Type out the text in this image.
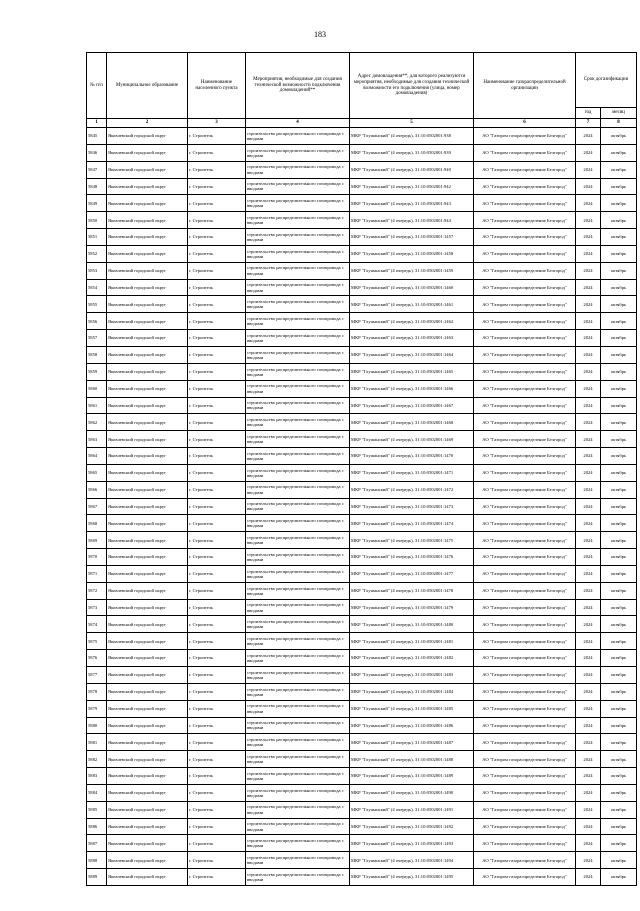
183
№ п/п	Муниципальное образование	Наименование населенного пункта	Мероприятия, необходимые для создания технической возможности подключения домовладений**	Адрес домовладения**, для которого реализуются мероприятия, необходимые для создания технической возможности его подключения (улица, номер домовладения)	Наименование газораспределительной организации	Срок догазификации	
						год	месяц
1	2	3	4	5	6	7	8
5845	Яковлевский городской округ	г. Строитель	строительство распределительного газопровода с вводами	МКР "Глушанский" (4 очередь), 31:10:0502001:938	АО "Газпром газораспределение Белгород"	2024	октябрь
5846	Яковлевский городской округ	г. Строитель	строительство распределительного газопровода с вводами	МКР "Глушанский" (4 очередь), 31:10:0502001:939	АО "Газпром газораспределение Белгород"	2024	октябрь
5847	Яковлевский городской округ	г. Строитель	строительство распределительного газопровода с вводами	МКР "Глушанский" (4 очередь), 31:10:0502001:940	АО "Газпром газораспределение Белгород"	2024	октябрь
5848	Яковлевский городской округ	г. Строитель	строительство распределительного газопровода с вводами	МКР "Глушанский" (4 очередь), 31:10:0502001:942	АО "Газпром газораспределение Белгород"	2024	октябрь
5849	Яковлевский городской округ	г. Строитель	строительство распределительного газопровода с вводами	МКР "Глушанский" (4 очередь), 31:10:0502001:943	АО "Газпром газораспределение Белгород"	2024	октябрь
5850	Яковлевский городской округ	г. Строитель	строительство распределительного газопровода с вводами	МКР "Глушанский" (4 очередь), 31:10:0502001:944	АО "Газпром газораспределение Белгород"	2024	октябрь
5851	Яковлевский городской округ	г. Строитель	строительство распределительного газопровода с вводами	МКР "Глушанский" (4 очередь), 31:10:0502001:1457	АО "Газпром газораспределение Белгород"	2024	октябрь
5852	Яковлевский городской округ	г. Строитель	строительство распределительного газопровода с вводами	МКР "Глушанский" (4 очередь), 31:10:0502001:1458	АО "Газпром газораспределение Белгород"	2024	октябрь
5853	Яковлевский городской округ	г. Строитель	строительство распределительного газопровода с вводами	МКР "Глушанский" (4 очередь), 31:10:0502001:1459	АО "Газпром газораспределение Белгород"	2024	октябрь
5854	Яковлевский городской округ	г. Строитель	строительство распределительного газопровода с вводами	МКР "Глушанский" (4 очередь), 31:10:0502001:1460	АО "Газпром газораспределение Белгород"	2024	октябрь
5855	Яковлевский городской округ	г. Строитель	строительство распределительного газопровода с вводами	МКР "Глушанский" (4 очередь), 31:10:0502001:1461	АО "Газпром газораспределение Белгород"	2024	октябрь
5856	Яковлевский городской округ	г. Строитель	строительство распределительного газопровода с вводами	МКР "Глушанский" (4 очередь), 31:10:0502001:1462	АО "Газпром газораспределение Белгород"	2024	октябрь
5857	Яковлевский городской округ	г. Строитель	строительство распределительного газопровода с вводами	МКР "Глушанский" (4 очередь), 31:10:0502001:1463	АО "Газпром газораспределение Белгород"	2024	октябрь
5858	Яковлевский городской округ	г. Строитель	строительство распределительного газопровода с вводами	МКР "Глушанский" (4 очередь), 31:10:0502001:1464	АО "Газпром газораспределение Белгород"	2024	октябрь
5859	Яковлевский городской округ	г. Строитель	строительство распределительного газопровода с вводами	МКР "Глушанский" (4 очередь), 31:10:0502001:1465	АО "Газпром газораспределение Белгород"	2024	октябрь
5860	Яковлевский городской округ	г. Строитель	строительство распределительного газопровода с вводами	МКР "Глушанский" (4 очередь), 31:10:0502001:1466	АО "Газпром газораспределение Белгород"	2024	октябрь
5861	Яковлевский городской округ	г. Строитель	строительство распределительного газопровода с вводами	МКР "Глушанский" (4 очередь), 31:10:0502001:1467	АО "Газпром газораспределение Белгород"	2024	октябрь
5862	Яковлевский городской округ	г. Строитель	строительство распределительного газопровода с вводами	МКР "Глушанский" (4 очередь), 31:10:0502001:1468	АО "Газпром газораспределение Белгород"	2024	октябрь
5863	Яковлевский городской округ	г. Строитель	строительство распределительного газопровода с вводами	МКР "Глушанский" (4 очередь), 31:10:0502001:1469	АО "Газпром газораспределение Белгород"	2024	октябрь
5864	Яковлевский городской округ	г. Строитель	строительство распределительного газопровода с вводами	МКР "Глушанский" (4 очередь), 31:10:0502001:1470	АО "Газпром газораспределение Белгород"	2024	октябрь
5865	Яковлевский городской округ	г. Строитель	строительство распределительного газопровода с вводами	МКР "Глушанский" (4 очередь), 31:10:0502001:1471	АО "Газпром газораспределение Белгород"	2024	октябрь
5866	Яковлевский городской округ	г. Строитель	строительство распределительного газопровода с вводами	МКР "Глушанский" (4 очередь), 31:10:0502001:1472	АО "Газпром газораспределение Белгород"	2024	октябрь
5867	Яковлевский городской округ	г. Строитель	строительство распределительного газопровода с вводами	МКР "Глушанский" (4 очередь), 31:10:0502001:1473	АО "Газпром газораспределение Белгород"	2024	октябрь
5868	Яковлевский городской округ	г. Строитель	строительство распределительного газопровода с вводами	МКР "Глушанский" (4 очередь), 31:10:0502001:1474	АО "Газпром газораспределение Белгород"	2024	октябрь
5869	Яковлевский городской округ	г. Строитель	строительство распределительного газопровода с вводами	МКР "Глушанский" (4 очередь), 31:10:0502001:1475	АО "Газпром газораспределение Белгород"	2024	октябрь
5870	Яковлевский городской округ	г. Строитель	строительство распределительного газопровода с вводами	МКР "Глушанский" (4 очередь), 31:10:0502001:1476	АО "Газпром газораспределение Белгород"	2024	октябрь
5871	Яковлевский городской округ	г. Строитель	строительство распределительного газопровода с вводами	МКР "Глушанский" (4 очередь), 31:10:0502001:1477	АО "Газпром газораспределение Белгород"	2024	октябрь
5872	Яковлевский городской округ	г. Строитель	строительство распределительного газопровода с вводами	МКР "Глушанский" (4 очередь), 31:10:0502001:1478	АО "Газпром газораспределение Белгород"	2024	октябрь
5873	Яковлевский городской округ	г. Строитель	строительство распределительного газопровода с вводами	МКР "Глушанский" (4 очередь), 31:10:0502001:1479	АО "Газпром газораспределение Белгород"	2024	октябрь
5874	Яковлевский городской округ	г. Строитель	строительство распределительного газопровода с вводами	МКР "Глушанский" (4 очередь), 31:10:0502001:1480	АО "Газпром газораспределение Белгород"	2024	октябрь
5875	Яковлевский городской округ	г. Строитель	строительство распределительного газопровода с вводами	МКР "Глушанский" (4 очередь), 31:10:0502001:1481	АО "Газпром газораспределение Белгород"	2024	октябрь
5876	Яковлевский городской округ	г. Строитель	строительство распределительного газопровода с вводами	МКР "Глушанский" (4 очередь), 31:10:0502001:1482	АО "Газпром газораспределение Белгород"	2024	октябрь
5877	Яковлевский городской округ	г. Строитель	строительство распределительного газопровода с вводами	МКР "Глушанский" (4 очередь), 31:10:0502001:1483	АО "Газпром газораспределение Белгород"	2024	октябрь
5878	Яковлевский городской округ	г. Строитель	строительство распределительного газопровода с вводами	МКР "Глушанский" (4 очередь), 31:10:0502001:1484	АО "Газпром газораспределение Белгород"	2024	октябрь
5879	Яковлевский городской округ	г. Строитель	строительство распределительного газопровода с вводами	МКР "Глушанский" (4 очередь), 31:10:0502001:1485	АО "Газпром газораспределение Белгород"	2024	октябрь
5880	Яковлевский городской округ	г. Строитель	строительство распределительного газопровода с вводами	МКР "Глушанский" (4 очередь), 31:10:0502001:1486	АО "Газпром газораспределение Белгород"	2024	октябрь
5881	Яковлевский городской округ	г. Строитель	строительство распределительного газопровода с вводами	МКР "Глушанский" (4 очередь), 31:10:0502001:1487	АО "Газпром газораспределение Белгород"	2024	октябрь
5882	Яковлевский городской округ	г. Строитель	строительство распределительного газопровода с вводами	МКР "Глушанский" (4 очередь), 31:10:0502001:1488	АО "Газпром газораспределение Белгород"	2024	октябрь
5883	Яковлевский городской округ	г. Строитель	строительство распределительного газопровода с вводами	МКР "Глушанский" (4 очередь), 31:10:0502001:1489	АО "Газпром газораспределение Белгород"	2024	октябрь
5884	Яковлевский городской округ	г. Строитель	строительство распределительного газопровода с вводами	МКР "Глушанский" (4 очередь), 31:10:0502001:1490	АО "Газпром газораспределение Белгород"	2024	октябрь
5885	Яковлевский городской округ	г. Строитель	строительство распределительного газопровода с вводами	МКР "Глушанский" (4 очередь), 31:10:0502001:1491	АО "Газпром газораспределение Белгород"	2024	октябрь
5886	Яковлевский городской округ	г. Строитель	строительство распределительного газопровода с вводами	МКР "Глушанский" (4 очередь), 31:10:0502001:1492	АО "Газпром газораспределение Белгород"	2024	октябрь
5887	Яковлевский городской округ	г. Строитель	строительство распределительного газопровода с вводами	МКР "Глушанский" (4 очередь), 31:10:0502001:1493	АО "Газпром газораспределение Белгород"	2024	октябрь
5888	Яковлевский городской округ	г. Строитель	строительство распределительного газопровода с вводами	МКР "Глушанский" (4 очередь), 31:10:0502001:1494	АО "Газпром газораспределение Белгород"	2024	октябрь
5889	Яковлевский городской округ	г. Строитель	строительство распределительного газопровода с вводами	МКР "Глушанский" (4 очередь), 31:10:0502001:1495	АО "Газпром газораспределение Белгород"	2024	октябрь
